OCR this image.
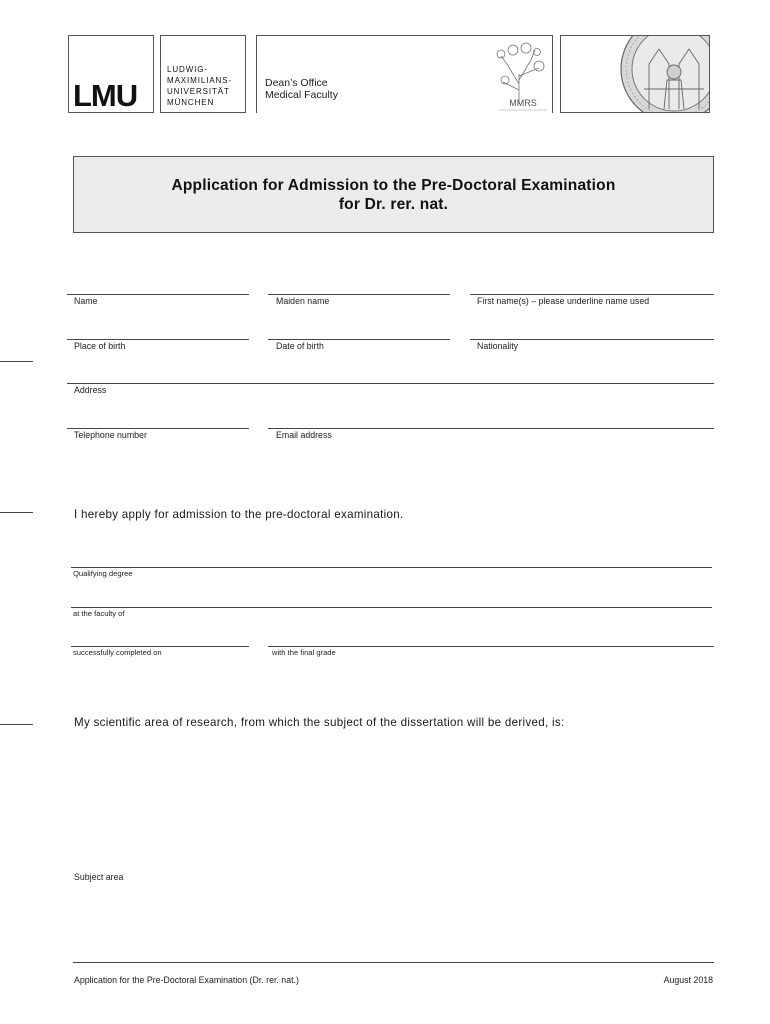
LMU
LUDWIG-
MAXIMILIANS-
UNIVERSITÄT
MÜNCHEN
Dean’s Office
Medical Faculty
MMRS
Application for Admission to the Pre-Doctoral Examination
for Dr. rer. nat.
Name	Maiden name	First name(s) – please underline name used
Place of birth	Date of birth	Nationality
Address
Telephone number	Email address
I hereby apply for admission to the pre-doctoral examination.
Qualifying degree
at the faculty of
successfully completed on	with the final grade
My scientific area of research, from which the subject of the dissertation will be derived, is:
Subject area
Application for the Pre-Doctoral Examination (Dr. rer. nat.)	August 2018
